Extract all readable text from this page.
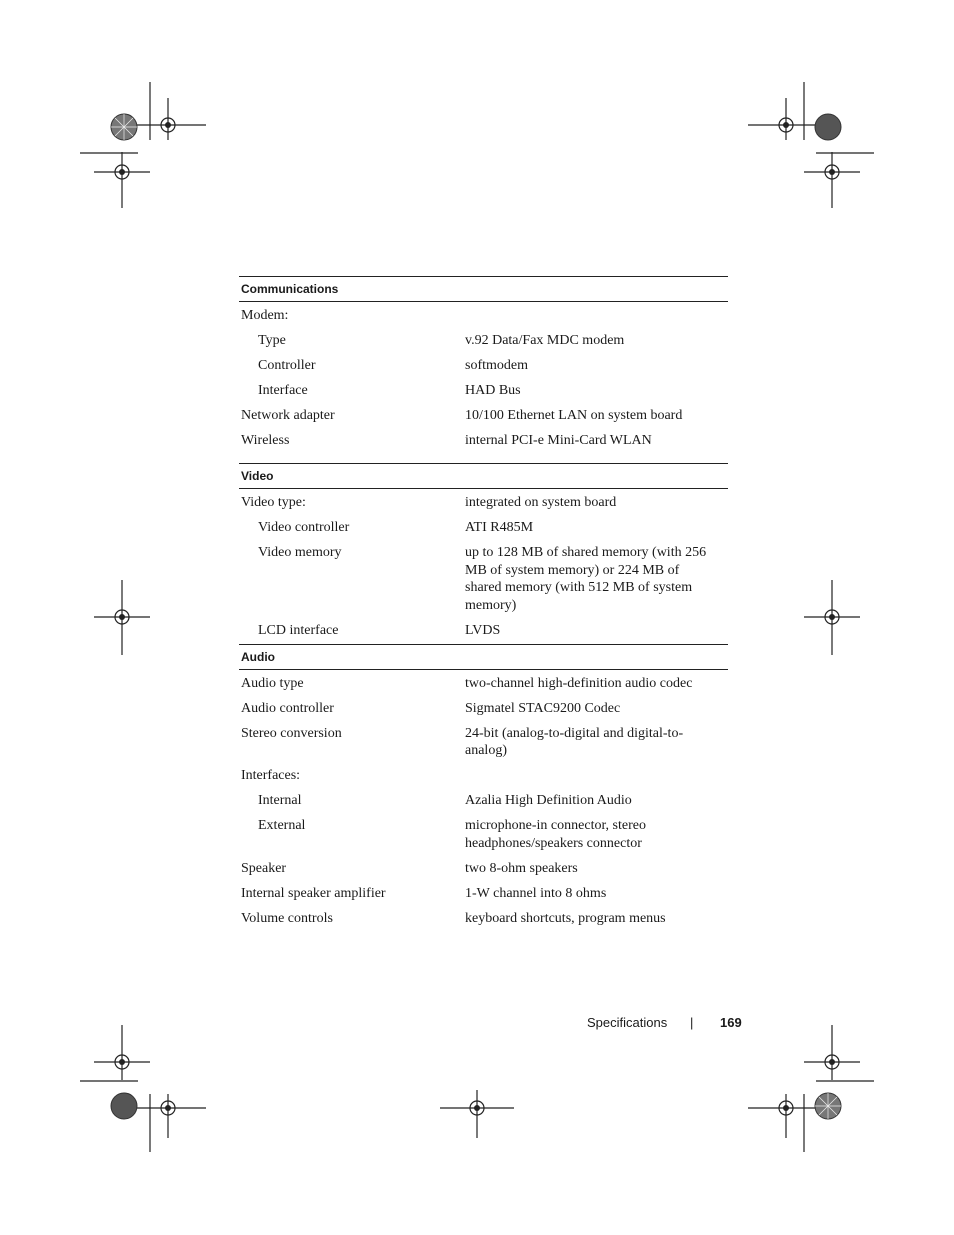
Communications
Modem:
Type	v.92 Data/Fax MDC modem
Controller	softmodem
Interface	HAD Bus
Network adapter	10/100 Ethernet LAN on system board
Wireless	internal PCI-e Mini-Card WLAN
Video
Video type:	integrated on system board
Video controller	ATI R485M
Video memory	up to 128 MB of shared memory (with 256 MB of system memory) or 224 MB of shared memory (with 512 MB of system memory)
LCD interface	LVDS
Audio
Audio type	two-channel high-definition audio codec
Audio controller	Sigmatel STAC9200 Codec
Stereo conversion	24-bit (analog-to-digital and digital-to-analog)
Interfaces:
Internal	Azalia High Definition Audio
External	microphone-in connector, stereo headphones/speakers connector
Speaker	two 8-ohm speakers
Internal speaker amplifier	1-W channel into 8 ohms
Volume controls	keyboard shortcuts, program menus
Specifications | 169
